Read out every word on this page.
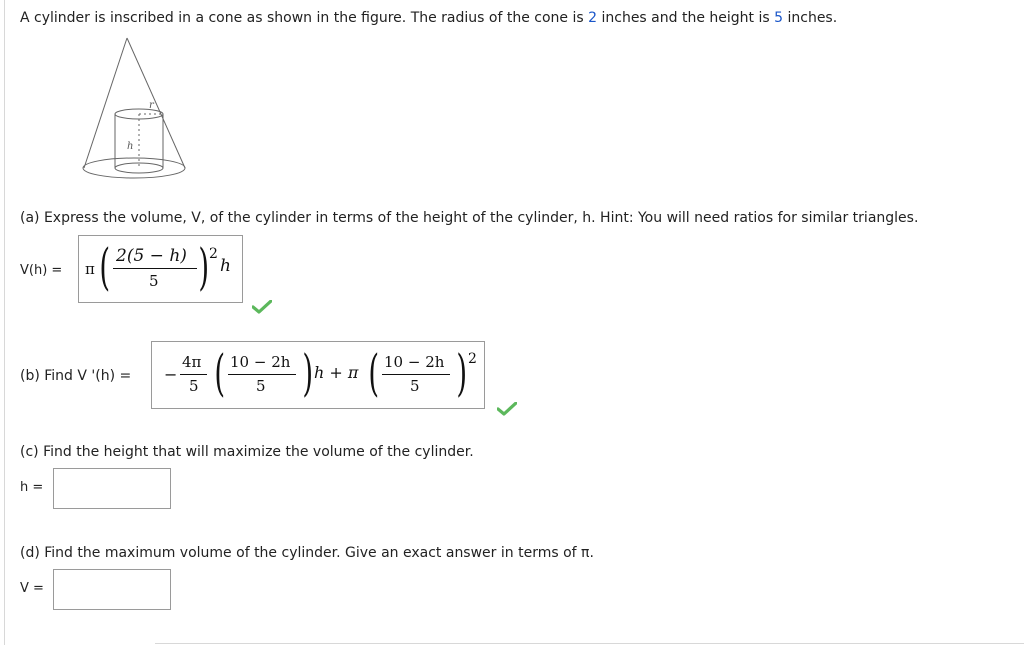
A cylinder is inscribed in a cone as shown in the figure. The radius of the cone is 2 inches and the height is 5 inches.
r
h
(a) Express the volume, V, of the cylinder in terms of the height of the cylinder, h. Hint: You will need ratios for similar triangles.
V(h) = π ( 2(5 − h)
5 ) 2
h
(b) Find V '(h) = −
4π
5 ( 10 − 2h
5 ) h + π ( 10 − 2h
5 ) 2
(c) Find the height that will maximize the volume of the cylinder.
h =
(d) Find the maximum volume of the cylinder. Give an exact answer in terms of π.
V =
